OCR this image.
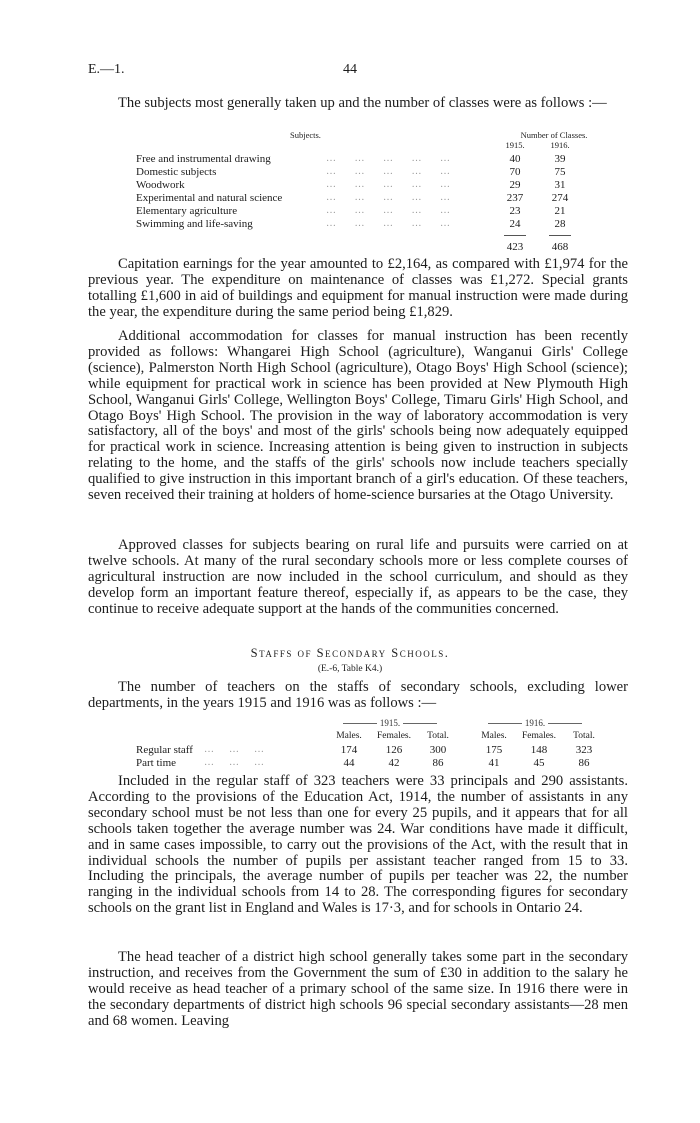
E.—1.	44

The subjects most generally taken up and the number of classes were as follows :—

Subjects.	Number of Classes.
1915.	1916.
Free and instrumental drawing	…     …     …     …     …	40	39
Domestic subjects	…     …     …     …     …	70	75
Woodwork	…     …     …     …     …	29	31
Experimental and natural science	…     …     …     …     …	237	274
Elementary agriculture	…     …     …     …     …	23	21
Swimming and life-saving	…     …     …     …     …	24	28
423	468

Capitation earnings for the year amounted to £2,164, as compared with £1,974 for the previous year. The expenditure on maintenance of classes was £1,272. Special grants totalling £1,600 in aid of buildings and equipment for manual instruction were made during the year, the expenditure during the same period being £1,829.

Additional accommodation for classes for manual instruction has been recently provided as follows: Whangarei High School (agriculture), Wanganui Girls' College (science), Palmerston North High School (agriculture), Otago Boys' High School (science); while equipment for practical work in science has been provided at New Plymouth High School, Wanganui Girls' College, Wellington Boys' College, Timaru Girls' High School, and Otago Boys' High School. The provision in the way of laboratory accommodation is very satisfactory, all of the boys' and most of the girls' schools being now adequately equipped for practical work in science. Increasing attention is being given to instruction in subjects relating to the home, and the staffs of the girls' schools now include teachers specially qualified to give instruction in this important branch of a girl's education. Of these teachers, seven received their training at holders of home-science bursaries at the Otago University.

Approved classes for subjects bearing on rural life and pursuits were carried on at twelve schools. At many of the rural secondary schools more or less complete courses of agricultural instruction are now included in the school curriculum, and should as they develop form an important feature thereof, especially if, as appears to be the case, they continue to receive adequate support at the hands of the communities concerned.

Staffs of Secondary Schools.
(E.-6, Table K4.)

The number of teachers on the staffs of secondary schools, excluding lower departments, in the years 1915 and 1916 was as follows :—

1915.	1916.
Males.	Females.	Total.	Males.	Females.	Total.
Regular staff …      …      …	174	126	300	175	148	323
Part time	…      …      …	44	42	86	41	45	86

Included in the regular staff of 323 teachers were 33 principals and 290 assistants. According to the provisions of the Education Act, 1914, the number of assistants in any secondary school must be not less than one for every 25 pupils, and it appears that for all schools taken together the average number was 24. War conditions have made it difficult, and in same cases impossible, to carry out the provisions of the Act, with the result that in individual schools the number of pupils per assistant teacher ranged from 15 to 33. Including the principals, the average number of pupils per teacher was 22, the number ranging in the individual schools from 14 to 28. The corresponding figures for secondary schools on the grant list in England and Wales is 17·3, and for schools in Ontario 24.

The head teacher of a district high school generally takes some part in the secondary instruction, and receives from the Government the sum of £30 in addition to the salary he would receive as head teacher of a primary school of the same size. In 1916 there were in the secondary departments of district high schools 96 special secondary assistants—28 men and 68 women. Leaving
